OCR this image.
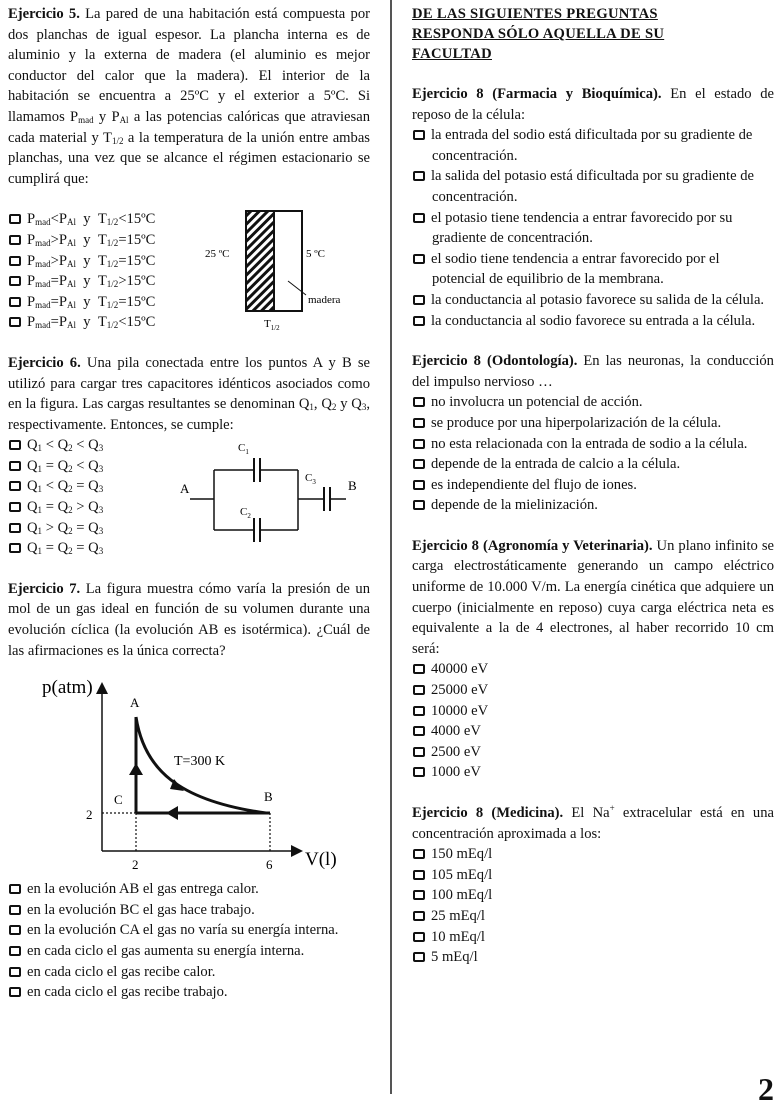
Ejercicio 5. La pared de una habitación está compuesta por dos planchas de igual espesor. La plancha interna es de aluminio y la externa de madera (el aluminio es mejor conductor del calor que la madera). El interior de la habitación se encuentra a 25ºC y el exterior a 5ºC. Si llamamos $P_{mad}$ y $P_{Al}$ a las potencias calóricas que atraviesan cada material y $T_{1/2}$ a la temperatura de la unión entre ambas planchas, una vez que se alcance el régimen estacionario se cumplirá que:

$P_{mad}<P_{Al}$  y  $T_{1/2}<15ºC$
$P_{mad}>P_{Al}$  y  $T_{1/2}=15ºC$
$P_{mad}>P_{Al}$  y  $T_{1/2}=15ºC$
$P_{mad}=P_{Al}$  y  $T_{1/2}>15ºC$
$P_{mad}=P_{Al}$  y  $T_{1/2}=15ºC$
$P_{mad}=P_{Al}$  y  $T_{1/2}<15ºC$
25 ºC	5 ºC
madera
$T_{1/2}$

Ejercicio 6. Una pila conectada entre los puntos A y B se utilizó para cargar tres capacitores idénticos asociados como en la figura. Las cargas resultantes se denominan $Q_1$, $Q_2$ y $Q_3$, respectivamente. Entonces, se cumple:

$Q_1 < Q_2 < Q_3$
$Q_1 = Q_2 < Q_3$
$Q_1 < Q_2 = Q_3$
$Q_1 = Q_2 > Q_3$
$Q_1 > Q_2 = Q_3$
$Q_1 = Q_2 = Q_3$
A	B
$C_1$
$C_2$
$C_3$

Ejercicio 7. La figura muestra cómo varía la presión de un mol de un gas ideal en función de su volumen durante una evolución cíclica (la evolución AB es isotérmica). ¿Cuál de las afirmaciones es la única correcta?

p(atm)
V(l)
A
B
C
T=300 K
2
2	6
en la evolución AB el gas entrega calor.
en la evolución BC el gas hace trabajo.
en la evolución CA el gas no varía su energía interna.
en cada ciclo el gas aumenta su energía interna.
en cada ciclo el gas recibe calor.
en cada ciclo el gas recibe trabajo.
DE LAS SIGUIENTES PREGUNTAS RESPONDA SÓLO AQUELLA DE SU FACULTAD

Ejercicio 8 (Farmacia y Bioquímica). En el estado de reposo de la célula:

la entrada del sodio está dificultada por su gradiente de concentración.
la salida del potasio está dificultada por su gradiente de concentración.
el potasio tiene tendencia a entrar favorecido por su gradiente de concentración.
el sodio tiene tendencia a entrar favorecido por el potencial de equilibrio de la membrana.
la conductancia al potasio favorece su salida de la célula.
la conductancia al sodio favorece su entrada a la célula.

Ejercicio 8 (Odontología). En las neuronas, la conducción del impulso nervioso …

no involucra un potencial de acción.
se produce por una hiperpolarización de la célula.
no esta relacionada con la entrada de sodio a la célula.
depende de la entrada de calcio a la célula.
es independiente del flujo de iones.
depende de la mielinización.

Ejercicio 8 (Agronomía y Veterinaria). Un plano infinito se carga electrostáticamente generando un campo eléctrico uniforme de 10.000 V/m. La energía cinética que adquiere un cuerpo (inicialmente en reposo) cuya carga eléctrica neta es equivalente a la de 4 electrones, al haber recorrido 10 cm será:

40000 eV
25000 eV
10000 eV
4000 eV
2500 eV
1000 eV

Ejercicio 8 (Medicina). El Na+ extracelular está en una concentración aproximada a los:

150 mEq/l
105 mEq/l
100 mEq/l
25 mEq/l
10 mEq/l
5 mEq/l
2
